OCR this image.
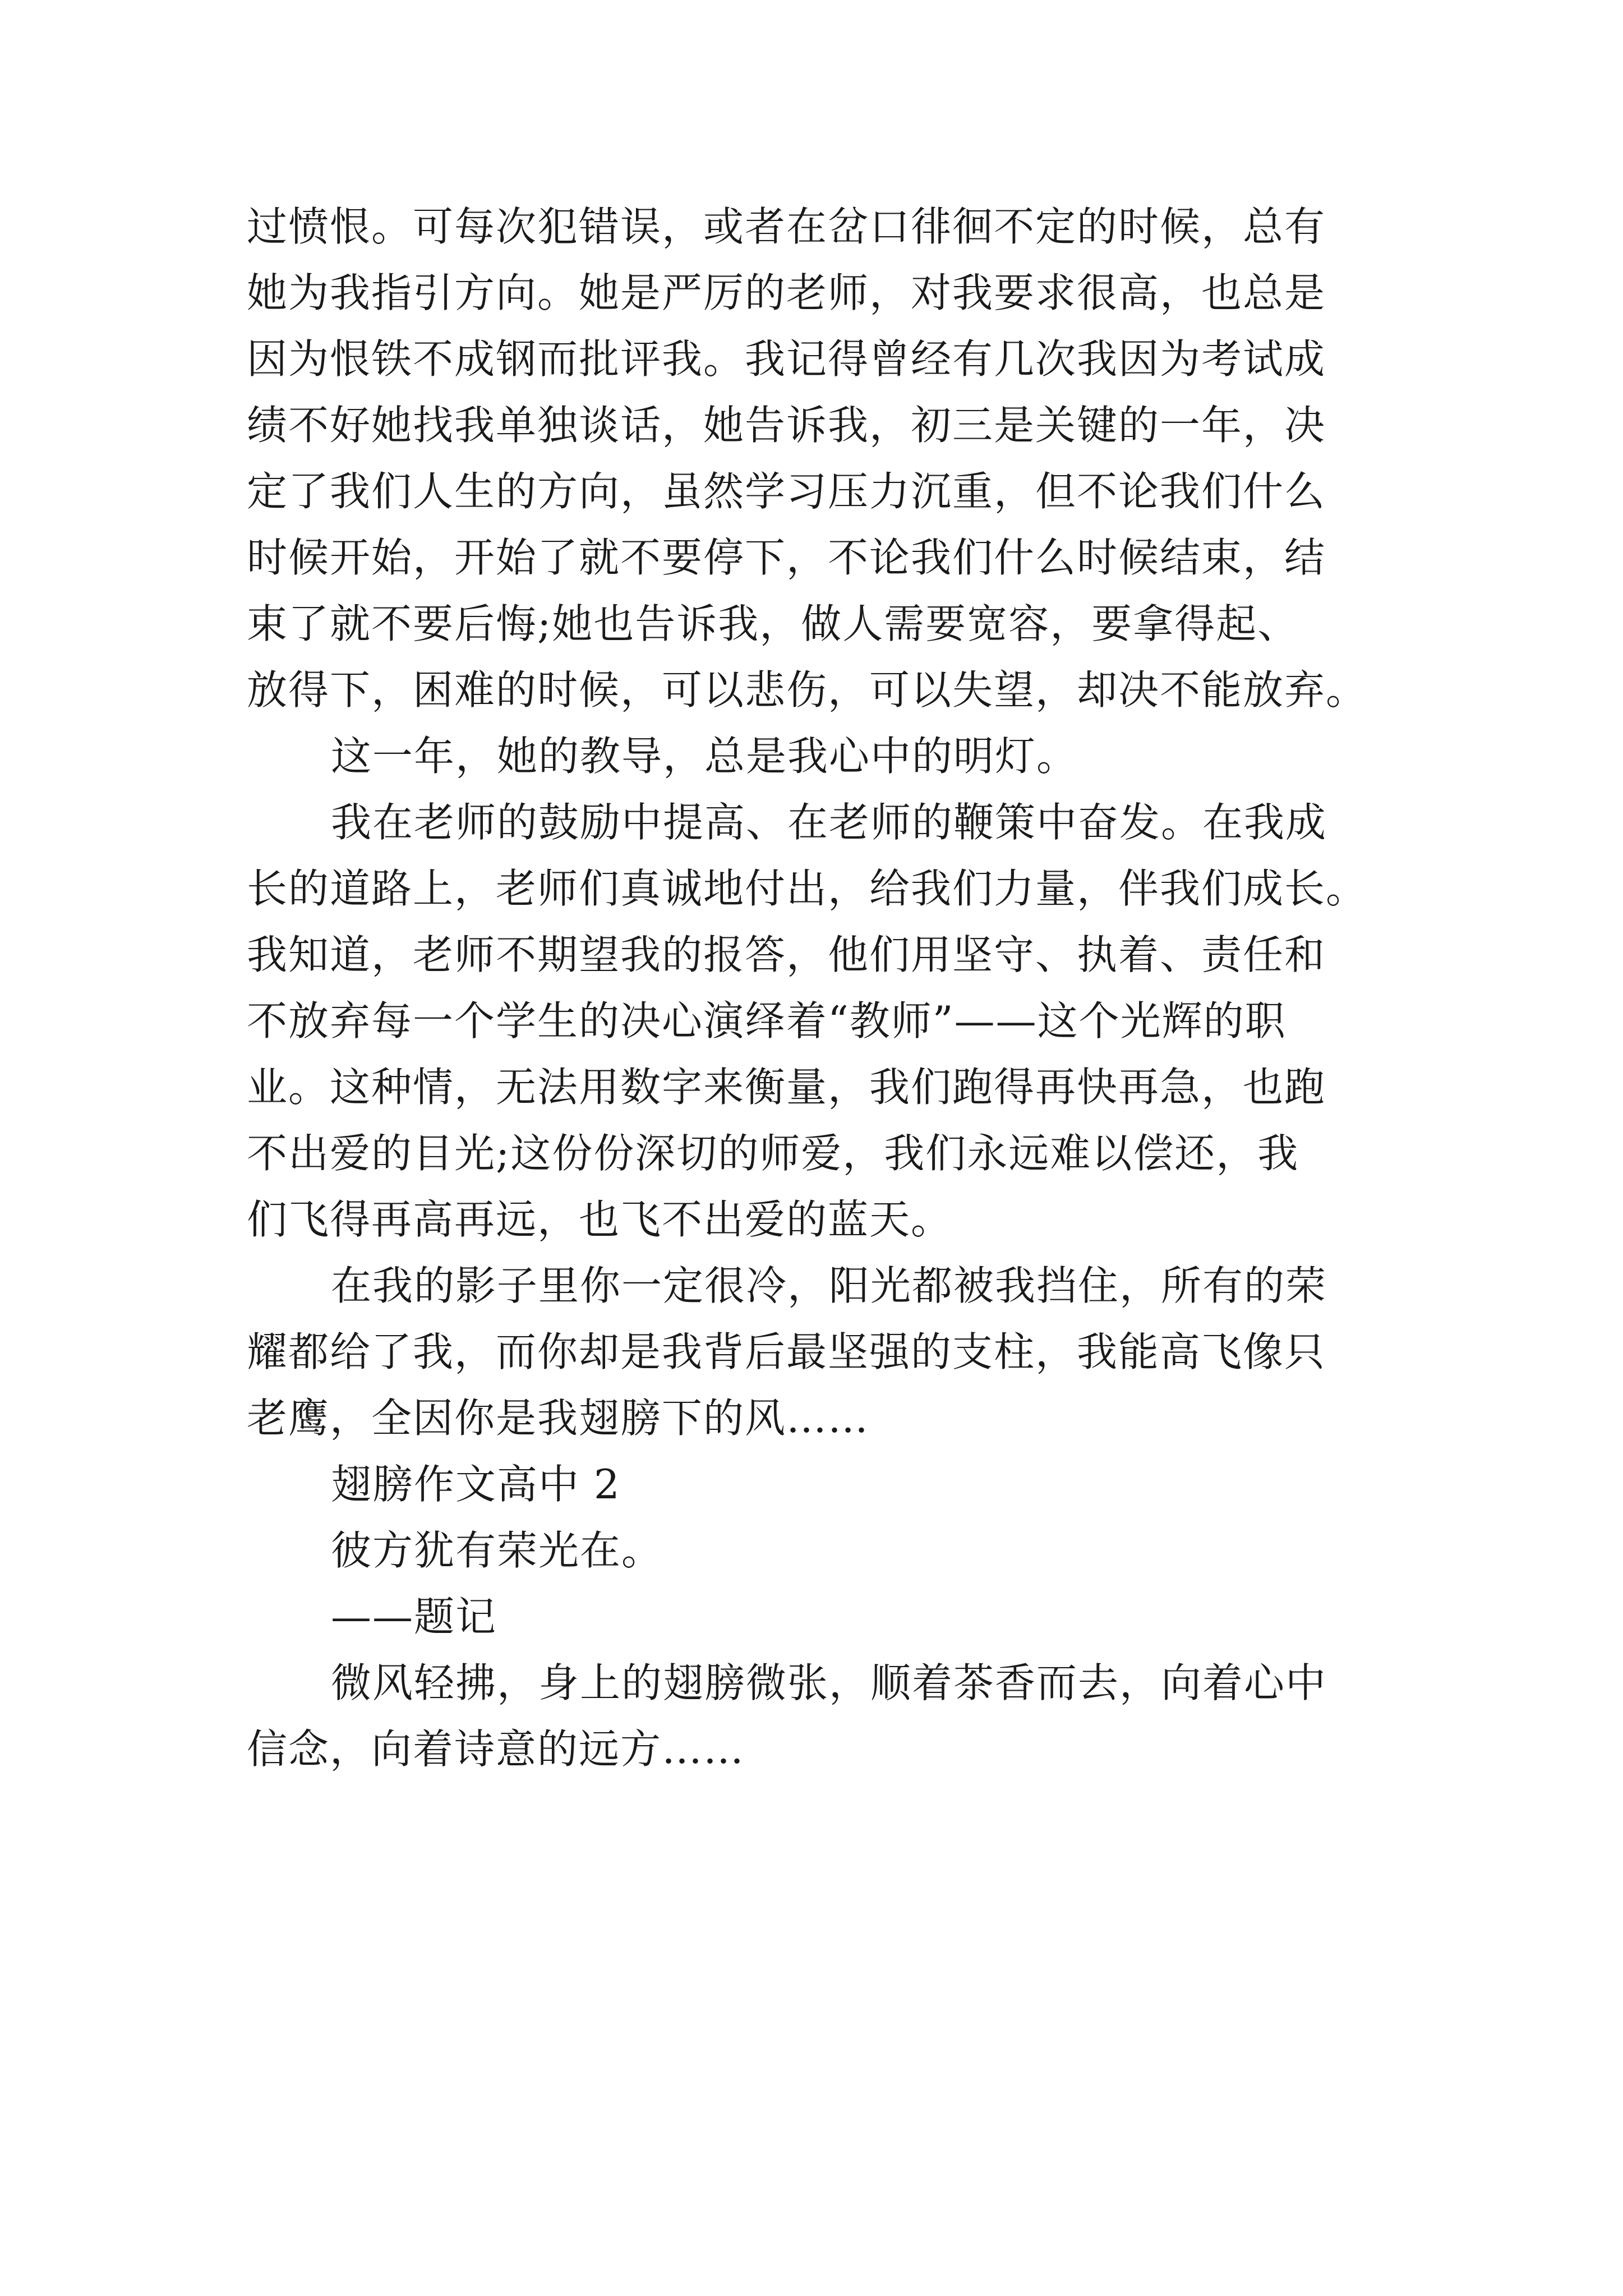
过愤恨。可每次犯错误，或者在岔口徘徊不定的时候，总有
她为我指引方向。她是严厉的老师，对我要求很高，也总是
因为恨铁不成钢而批评我。我记得曾经有几次我因为考试成
绩不好她找我单独谈话，她告诉我，初三是关键的一年，决
定了我们人生的方向，虽然学习压力沉重，但不论我们什么
时候开始，开始了就不要停下，不论我们什么时候结束，结
束了就不要后悔;她也告诉我，做人需要宽容，要拿得起、
放得下，困难的时候，可以悲伤，可以失望，却决不能放弃。
这一年，她的教导，总是我心中的明灯。
我在老师的鼓励中提高、在老师的鞭策中奋发。在我成
长的道路上，老师们真诚地付出，给我们力量，伴我们成长。
我知道，老师不期望我的报答，他们用坚守、执着、责任和
不放弃每一个学生的决心演绎着“教师”——这个光辉的职
业。这种情，无法用数字来衡量，我们跑得再快再急，也跑
不出爱的目光;这份份深切的师爱，我们永远难以偿还，我
们飞得再高再远，也飞不出爱的蓝天。
在我的影子里你一定很冷，阳光都被我挡住，所有的荣
耀都给了我，而你却是我背后最坚强的支柱，我能高飞像只
老鹰，全因你是我翅膀下的风……
翅膀作文高中 2
彼方犹有荣光在。
——题记
微风轻拂，身上的翅膀微张，顺着茶香而去，向着心中
信念，向着诗意的远方……
